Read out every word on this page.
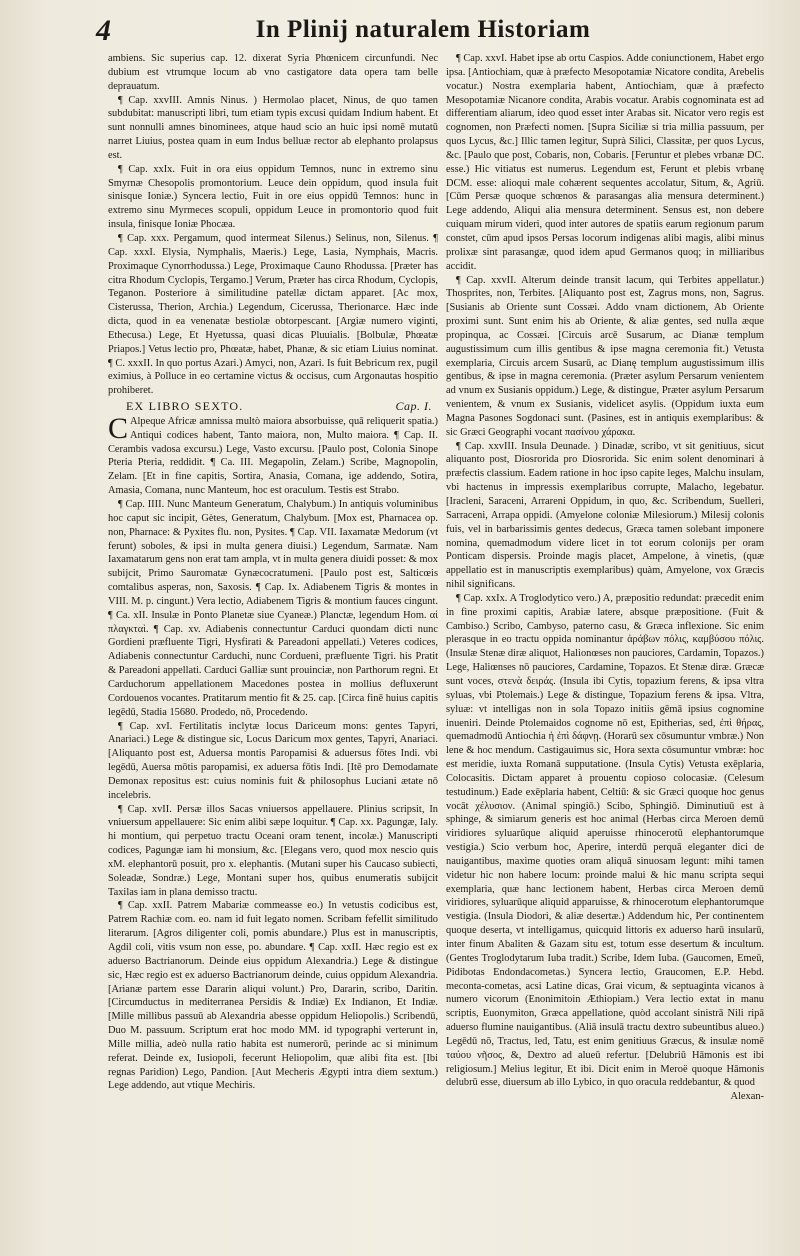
4	In Plinij naturalem Historiam

ambiens. Sic superius cap. 12. dixerat Syria Phœnicem circunfundi. Nec dubium est vtrumque locum ab vno castigatore data opera tam belle deprauatum.

¶ Cap. xxvIII. Amnis Ninus. ) Hermolao placet, Ninus, de quo tamen subdubitat: manuscripti libri, tum etiam typis excusi quidam Indium habent. Et sunt nonnulli amnes binominees, atque haud scio an huic ipsi nomē mutatū narret Liuius, postea quam in eum Indus belluæ rector ab elephanto prolapsus est.

¶ Cap. xxIx. Fuit in ora eius oppidum Temnos, nunc in extremo sinu Smyrnæ Chesopolis promontorium. Leuce dein oppidum, quod insula fuit sinisque Ioniæ.) Syncera lectio, Fuit in ore eius oppidū Temnos: hunc in extremo sinu Myrmeces scopuli, oppidum Leuce in promontorio quod fuit insula, finisque Ioniæ Phocæa.

¶ Cap. xxx. Pergamum, quod intermeat Silenus.) Selinus, non, Silenus. ¶ Cap. xxxI. Elysia, Nymphalis, Maeris.) Lege, Lasia, Nymphais, Macris. Proximaque Cynorrhodussa.) Lege, Proximaque Caunο Rhodussa. [Præter has citra Rhodum Cyclopis, Tergamo.] Verum, Præter has circa Rhodum, Cyclopis, Teganon. Posteriore à similitudine patellæ dictam apparet. [Ac mox, Cisterussa, Therion, Archia.) Legendum, Cicerussa, Therionarce. Hæc inde dicta, quod in ea venenatæ bestiolæ obtorpescant. [Argiæ numero viginti, Ethecusa.) Lege, Et Hyetussa, quasi dicas Pluuialis. [Bolbulæ, Phœatæ Priapos.] Vetus lectio pro, Phœatæ, habet, Phanæ, & sic etiam Liuius nominat. ¶ C. xxxII. In quo portus Azari.) Amyci, non, Azari. Is fuit Bebricum rex, pugil eximius, à Polluce in eo certamine victus & occisus, cum Argonautas hospitio prohiberet.

EX LIBRO SEXTO.	Cap. I.

C Alpeque Africæ amnissa multò maiora absorbuisse, quā reliquerit spatia.) Antiqui codices habent, Tanto maiora, non, Multo maiora. ¶ Cap. II. Cerambis vadosa excursu.) Lege, Vasto excursu. [Paulo post, Colonia Sinope Pteria Pteria, reddidit. ¶ Ca. III. Megapolin, Zelam.) Scribe, Magnopolin, Zelam. [Et in fine capitis, Sortira, Anasia, Comana, ige addendo, Sotira, Amasia, Comana, nunc Manteum, hoc est oraculum. Testis est Strabo.

¶ Cap. IIII. Nunc Manteum Generatum, Chalybum.) In antiquis voluminibus hoc caput sic incipit, Gètes, Generatum, Chalybum. [Mox est, Pharnacea op. non, Pharnace: & Pyxites flu. non, Pysites. ¶ Cap. VII. Iaxamatæ Medorum (vt ferunt) soboles, & ipsi in multa genera diuisi.) Legendum, Sarmatæ. Nam Iaxamatarum gens non erat tam ampla, vt in multa genera diuidi posset: & mox subijcit, Primo Sauromatæ Gynæcocratumeni. [Paulo post est, Salticœis comtalibus asperas, non, Saxosis. ¶ Cap. Ix. Adiabenem Tigris & montes in VIII. M. p. cingunt.) Vera lectio, Adiabenem Tigris & montium fauces cingunt. ¶ Ca. xII. Insulæ in Ponto Planetæ siue Cyaneæ.) Planctæ, legendum Hom. αἱ πλαγκταὶ. ¶ Cap. xv. Adiabenis connectuntur Carduci quondam dicti nunc Gordieni præfluente Tigri, Hysfirati & Pareadoni appellati.) Veteres codices, Adiabenis connectuntur Carduchi, nunc Cordueni, præfluente Tigri. his Pratit & Pareadoni appellati. Carduci Galliæ sunt prouinciæ, non Parthorum regni. Et Carduchorum appellationem Macedones postea in mollius defluxerunt Cordouenos vocantes. Pratitarum mentio fit & 25. cap. [Circa finē huius capitis legēdū, Stadia 15680. Prodedo, nō, Procedendo.

¶ Cap. xvI. Fertilitatis inclytæ locus Dariceum mons: gentes Tapyri, Anariaci.) Lege & distingue sic, Locus Daricum mox gentes, Tapyri, Anariaci. [Aliquanto post est, Aduersa montis Paropamisi & aduersus fōtes Indi. vbi legēdū, Auersa mōtis paropamisi, ex aduersa fōtis Indi. [Itē pro Demodamate Demonax repositus est: cuius nominis fuit & philosophus Luciani ætate nō incelebris.

¶ Cap. xvII. Persæ illos Sacas vniuersos appellauere. Plinius scripsit, In vniuersum appellauere: Sic enim alibi sæpe loquitur. ¶ Cap. xx. Pagungæ, Ialy. hi montium, qui perpetuo tractu Oceani oram tenent, incolæ.) Manuscripti codices, Pagungæ iam hi monsium, &c. [Elegans vero, quod mox nescio quis xM. elephantorū posuit, pro x. elephantis. (Mutani super his Caucaso subiecti, Soleadæ, Sondræ.) Lege, Montani super hos, quibus enumeratis subijcit Taxilas iam in plana demisso tractu.

¶ Cap. xxII. Patrem Mabariæ commeasse eo.) In vetustis codicibus est, Patrem Rachiæ com. eo. nam id fuit legato nomen. Scribam fefellit similitudo literarum. [Agros diligenter coli, pomis abundare.) Plus est in manuscriptis, Agdil coli, vitis vsum non esse, po. abundare. ¶ Cap. xxII. Hæc regio est ex aduerso Bactrianorum. Deinde eius oppidum Alexandria.) Lege & distingue sic, Hæc regio est ex aduerso Bactrianorum deinde, cuius oppidum Alexandria. [Arianæ partem esse Dararin aliqui volunt.) Pro, Dararin, scribo, Daritin. [Circumductus in mediterranea Persidis & Indiæ) Ex Indianon, Et Indiæ. [Mille millibus passuū ab Alexandria abesse oppidum Heliopolis.) Scribendū, Duo M. passuum. Scriptum erat hoc modo MM. id typographi verterunt in, Mille millia, adeò nulla ratio habita est numerorū, perinde ac si minimum referat. Deinde ex, Iusiopoli, fecerunt Heliopolim, quæ alibi fita est. [Ibi regnas Paridion) Lego, Pandion. [Aut Mecheris Ægypti intra diem sextum.) Lege addendo, aut vtique Mechiris.

¶ Cap. xxvI. Habet ipse ab ortu Caspios. Adde coniunctionem, Habet ergo ipsa. [Antiochiam, quæ à præfecto Mesopotamiæ Nicatore condita, Arebelis vocatur.) Nostra exemplaria habent, Antiochiam, quæ à præfecto Mesopotamiæ Nicanore condita, Arabis vocatur. Arabis cognominata est ad differentiam aliarum, ideo quod esset inter Arabas sit. Nicator vero regis est cognomen, non Præfecti nomen. [Supra Siciliæ si tria millia passuum, per quos Lycus, &c.] Illic tamen legitur, Suprà Silici, Classitæ, per quos Lycus, &c. [Paulo que post, Cobaris, non, Cobaris. [Feruntur et plebes vrbanæ DC. esse.) Hic vitiatus est numerus. Legendum est, Ferunt et plebis vrbanę DCM. esse: alioqui male cohærent sequentes accolatur, Situm, &, Agriū. [Cūm Persæ quoque schœnos & parasangas alia mensura determinent.) Lege addendo, Aliqui alia mensura determinent. Sensus est, non debere cuiquam mirum videri, quod inter autores de spatiis earum regionum parum constet, cūm apud ipsos Persas locorum indigenas alibi magis, alibi minus prolixæ sint parasangæ, quod idem apud Germanos quoq; in milliaribus accidit.

¶ Cap. xxvII. Alterum deinde transit lacum, qui Terbites appellatur.) Thosprites, non, Terbites. [Aliquanto post est, Zagrus mons, non, Sagrus. [Susianis ab Oriente sunt Cossæi. Addo vnam dictionem, Ab Oriente proximi sunt. Sunt enim his ab Oriente, & aliæ gentes, sed nulla æque propinqua, ac Cossæi. [Circuis arcē Susarum, ac Dianæ templum augustissimum cum illis gentibus & ipse magna ceremonia fit.) Vetusta exemplaria, Circuis arcem Susarū, ac Dianę templum augustissimum illis gentibus, & ipse in magna ceremonia. (Præter asylum Persarum venientem ad vnum ex Susianis oppidum.) Lege, & distingue, Præter asylum Persarum venientem, & vnum ex Susianis, videlicet asylis. (Oppidum iuxta eum Magna Pasones Sogdonaci sunt. (Pasines, est in antiquis exemplaribus: & sic Græci Geographi vocant πασίνου χάρακα.

¶ Cap. xxvIII. Insula Deunade. ) Dinadæ, scribo, vt sit genitiuus, sicut aliquanto post, Diosrorida pro Diosrorida. Sic enim solent denominari à præfectis classium. Eadem ratione in hoc ipso capite leges, Malchu insulam, vbi hactenus in impressis exemplaribus corrupte, Malacho, legebatur. [Iracleni, Saraceni, Arrareni Oppidum, in quo, &c. Scribendum, Suelleri, Sarraceni, Arrapa oppidi. (Amyelone coloniæ Milesiorum.) Milesij colonis fuis, vel in barbarissimis gentes dedecus, Græca tamen solebant imponere nomina, quemadmodum videre licet in tot eorum colonijs per oram Ponticam dispersis. Proinde magis placet, Ampelone, à vinetis, (quæ appellatio est in manuscriptis exemplaribus) quàm, Amyelone, vox Græcis nihil significans.

¶ Cap. xxIx. A Troglodytico vero.) A, præpositio redundat: præcedit enim in fine proximi capitis, Arabiæ latere, absque præpositione. (Fuit & Cambiso.) Scribo, Cambyso, paterno casu, & Græca inflexione. Sic enim plerasque in eo tractu oppida nominantur ἀράβων πόλις, καμβύσου πόλις. (Insulæ Stenæ diræ aliquot, Halionœses non pauciores, Cardamin, Topazos.) Lege, Haliœnses nō pauciores, Cardamine, Topazos. Et Stenæ diræ. Græcæ sunt voces, στενὰ δειράς. (Insula ibi Cytis, topazium ferens, & ipsa vltra syluas, vbi Ptolemais.) Lege & distingue, Topazium ferens & ipsa. Vltra, syluæ: vt intelligas non in sola Topazo initiis gēmā ipsius cognomine inueniri. Deinde Ptolemaidos cognome nō est, Epitherias, sed, ἐπὶ θήρας, quemadmodū Antiochia ἡ ἐπὶ δάφνῃ. (Horarū sex cōsumuntur vmbræ.) Non lene & hoc mendum. Castigauimus sic, Hora sexta cōsumuntur vmbræ: hoc est meridie, iuxta Romanā supputatione. (Insula Cytis) Vetusta exēplaria, Colocasitis. Dictam apparet à prouentu copioso colocasiæ. (Celesum testudinum.) Eade exēplaria habent, Celtiū: & sic Græci quoque hoc genus vocāt χέλυσιον. (Animal spingiō.) Scibo, Sphingiō. Diminutiuū est à sphinge, & simiarum generis est hoc animal (Herbas circa Meroen demū viridiores syluarūque aliquid aperuisse rhinocerotū elephantorumque vestigia.) Scio verbum hoc, Aperire, interdū perquā eleganter dici de nauigantibus, maxime quoties oram aliquā sinuosam legunt: mihi tamen videtur hic non habere locum: proinde malui & hic manu scripta sequi exemplaria, quæ hanc lectionem habent, Herbas circa Meroen demū viridiores, syluarūque aliquid apparuisse, & rhinocerotum elephantorumque vestigia. (Insula Diodori, & aliæ desertæ.) Addendum hic, Per continentem quoque deserta, vt intelligamus, quicquid littoris ex aduerso harū insularū, inter finum Abaliten & Gazam situ est, totum esse desertum & incultum. (Gentes Troglodytarum Iuba tradit.) Scribe, Idem Iuba. (Gaucomen, Emeū, Pidibotas Endondacometas.) Syncera lectio, Graucomen, E.P. Hebd. meconta-cometas, acsi Latine dicas, Grai vicum, & septuaginta vicanos à numero vicorum (Enonimitoin Æthiopiam.) Vera lectio extat in manu scriptis, Euonymiton, Græca appellatione, quòd accolant sinistrā Nili ripā aduerso flumine nauigantibus. (Aliā insulā tractu dextro subeuntibus alueo.) Legēdū nō, Tractus, led, Tatu, est enim genitiuus Græcus, & insulæ nomē ταύου νῆσος, &, Dextro ad alueū refertur. [Delubriū Hāmonis est ibi religiosum.] Melius legitur, Et ibi. Dicit enim in Meroë quoque Hāmonis delubrū esse, diuersum ab illo Lybico, in quo oracula reddebantur, & quod

Alexan-
